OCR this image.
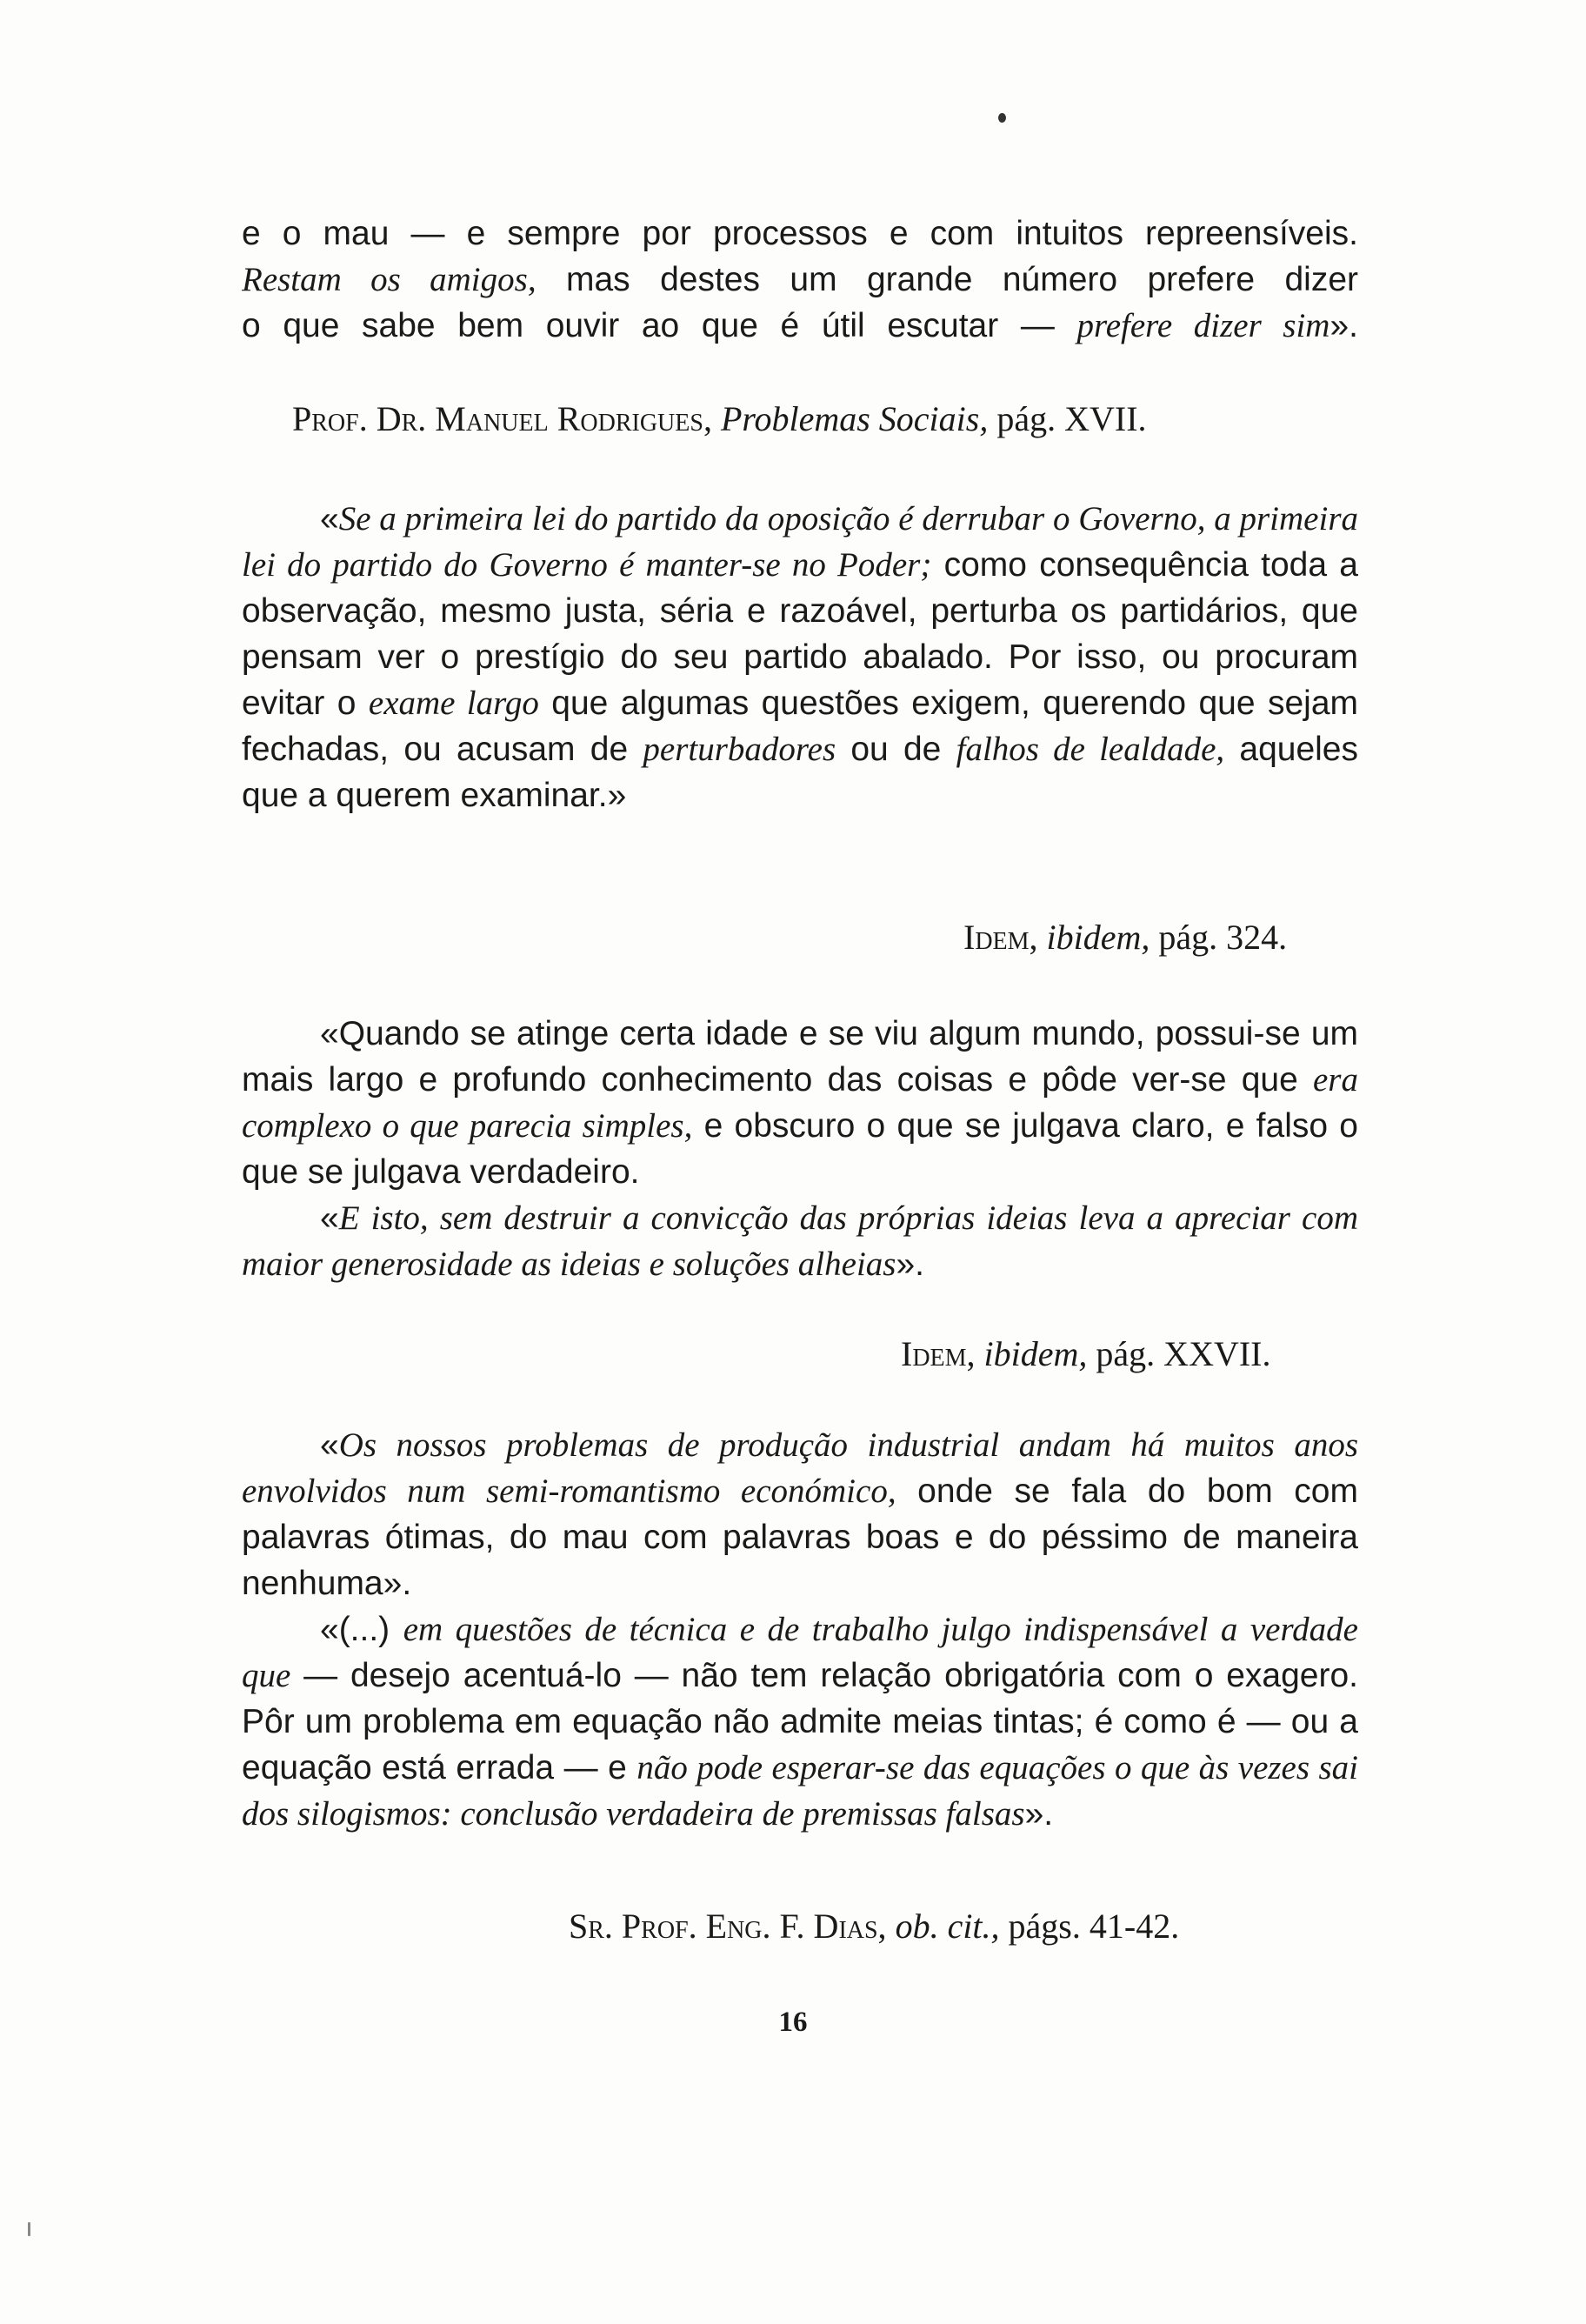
e o mau — e sempre por processos e com intuitos repreensíveis.

Restam os amigos, mas destes um grande número prefere dizer

o que sabe bem ouvir ao que é útil escutar — prefere dizer sim».

Prof. Dr. Manuel Rodrigues, Problemas Sociais, pág. XVII.

«Se a primeira lei do partido da oposição é derrubar o Governo, a primeira lei do partido do Governo é manter-se no Poder; como consequência toda a observação, mesmo justa, séria e razoável, perturba os partidários, que pensam ver o prestígio do seu partido abalado. Por isso, ou procuram evitar o exame largo que algumas questões exigem, querendo que sejam fechadas, ou acusam de perturbadores ou de falhos de lealdade, aqueles que a querem examinar.»

Idem, ibidem, pág. 324.

«Quando se atinge certa idade e se viu algum mundo, possui-se um mais largo e profundo conhecimento das coisas e pôde ver-se que era complexo o que parecia simples, e obscuro o que se julgava claro, e falso o que se julgava verdadeiro.

«E isto, sem destruir a convicção das próprias ideias leva a apreciar com maior generosidade as ideias e soluções alheias».

Idem, ibidem, pág. XXVII.

«Os nossos problemas de produção industrial andam há muitos anos envolvidos num semi-romantismo económico, onde se fala do bom com palavras ótimas, do mau com palavras boas e do péssimo de maneira nenhuma».

«(...) em questões de técnica e de trabalho julgo indispensável a verdade que — desejo acentuá-lo — não tem relação obrigatória com o exagero. Pôr um problema em equação não admite meias tintas; é como é — ou a equação está errada — e não pode esperar-se das equações o que às vezes sai dos silogismos: conclusão verdadeira de premissas falsas».

Sr. Prof. Eng. F. Dias, ob. cit., págs. 41-42.
16
